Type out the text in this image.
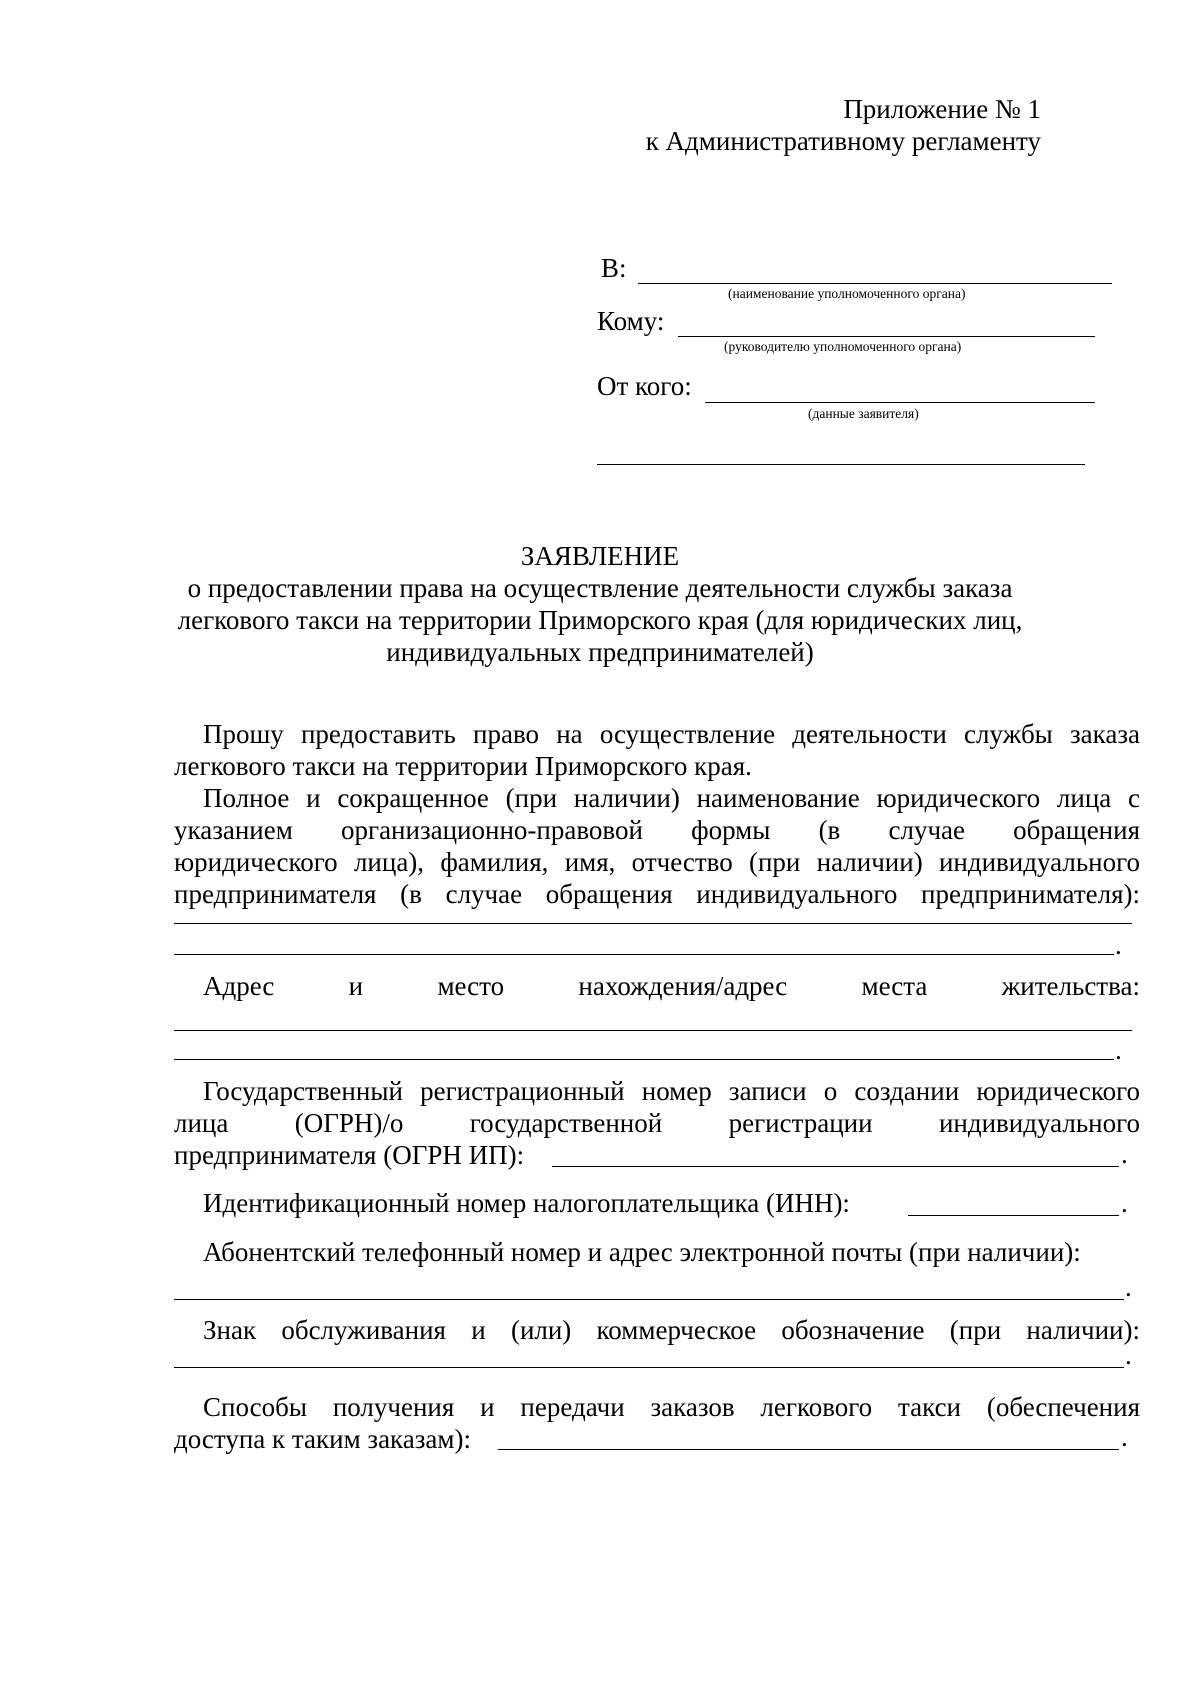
Приложение № 1
к Административному регламенту
В:
(наименование уполномоченного органа)
Кому:
(руководителю уполномоченного органа)
От кого:
(данные заявителя)
ЗАЯВЛЕНИЕ
о предоставлении права на осуществление деятельности службы заказа
легкового такси на территории Приморского края (для юридических лиц,
индивидуальных предпринимателей)
Прошу предоставить право на осуществление деятельности службы заказа
легкового такси на территории Приморского края.
Полное и сокращенное (при наличии) наименование юридического лица с
указанием организационно-правовой формы (в случае обращения
юридического лица), фамилия, имя, отчество (при наличии) индивидуального
предпринимателя (в случае обращения индивидуального предпринимателя):
.
Адрес и место нахождения/адрес места жительства:
.
Государственный регистрационный номер записи о создании юридического
лица (ОГРН)/о государственной регистрации индивидуального
предпринимателя (ОГРН ИП):	.
Идентификационный номер налогоплательщика (ИНН):	.
Абонентский телефонный номер и адрес электронной почты (при наличии):
.
Знак обслуживания и (или) коммерческое обозначение (при наличии):
.
Способы получения и передачи заказов легкового такси (обеспечения
доступа к таким заказам):	.
